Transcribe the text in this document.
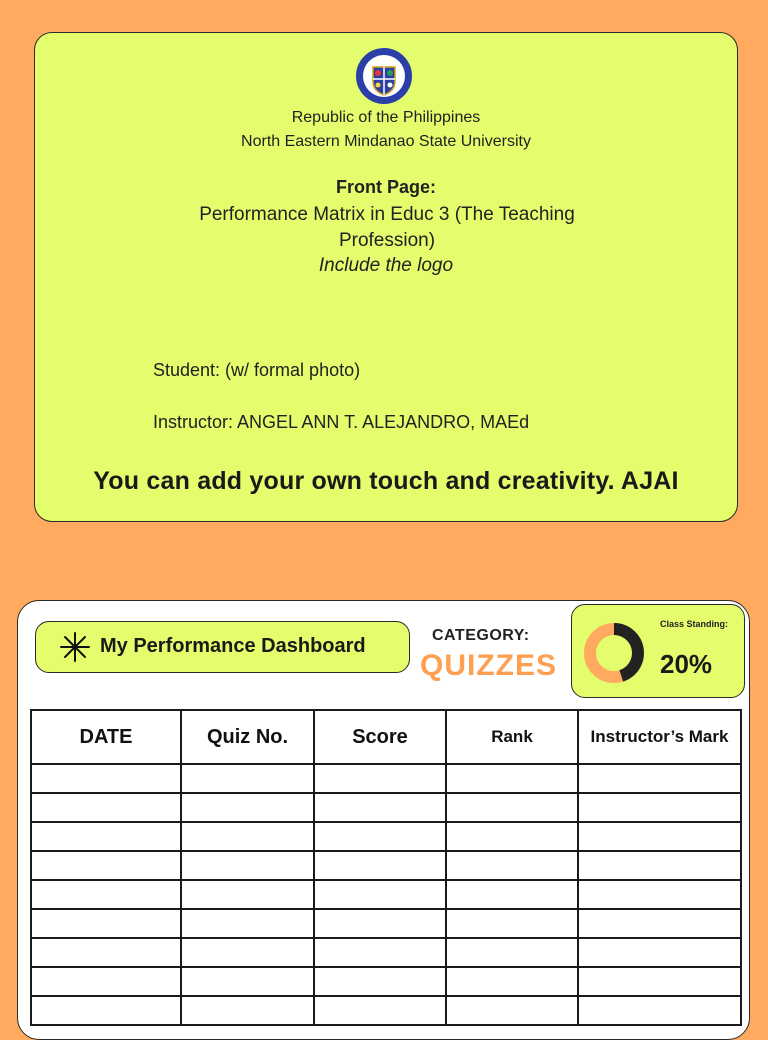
Republic of the Philippines
North Eastern Mindanao State University
Front Page:
Performance Matrix in Educ 3 (The Teaching Profession)
Include the logo
Student: (w/ formal photo)
Instructor: ANGEL ANN T. ALEJANDRO, MAEd
You can add your own touch and creativity. AJAI
My Performance Dashboard	CATEGORY:
QUIZZES
Class Standing:
20%
DATE	Quiz No.	Score	Rank	Instructor’s Mark
